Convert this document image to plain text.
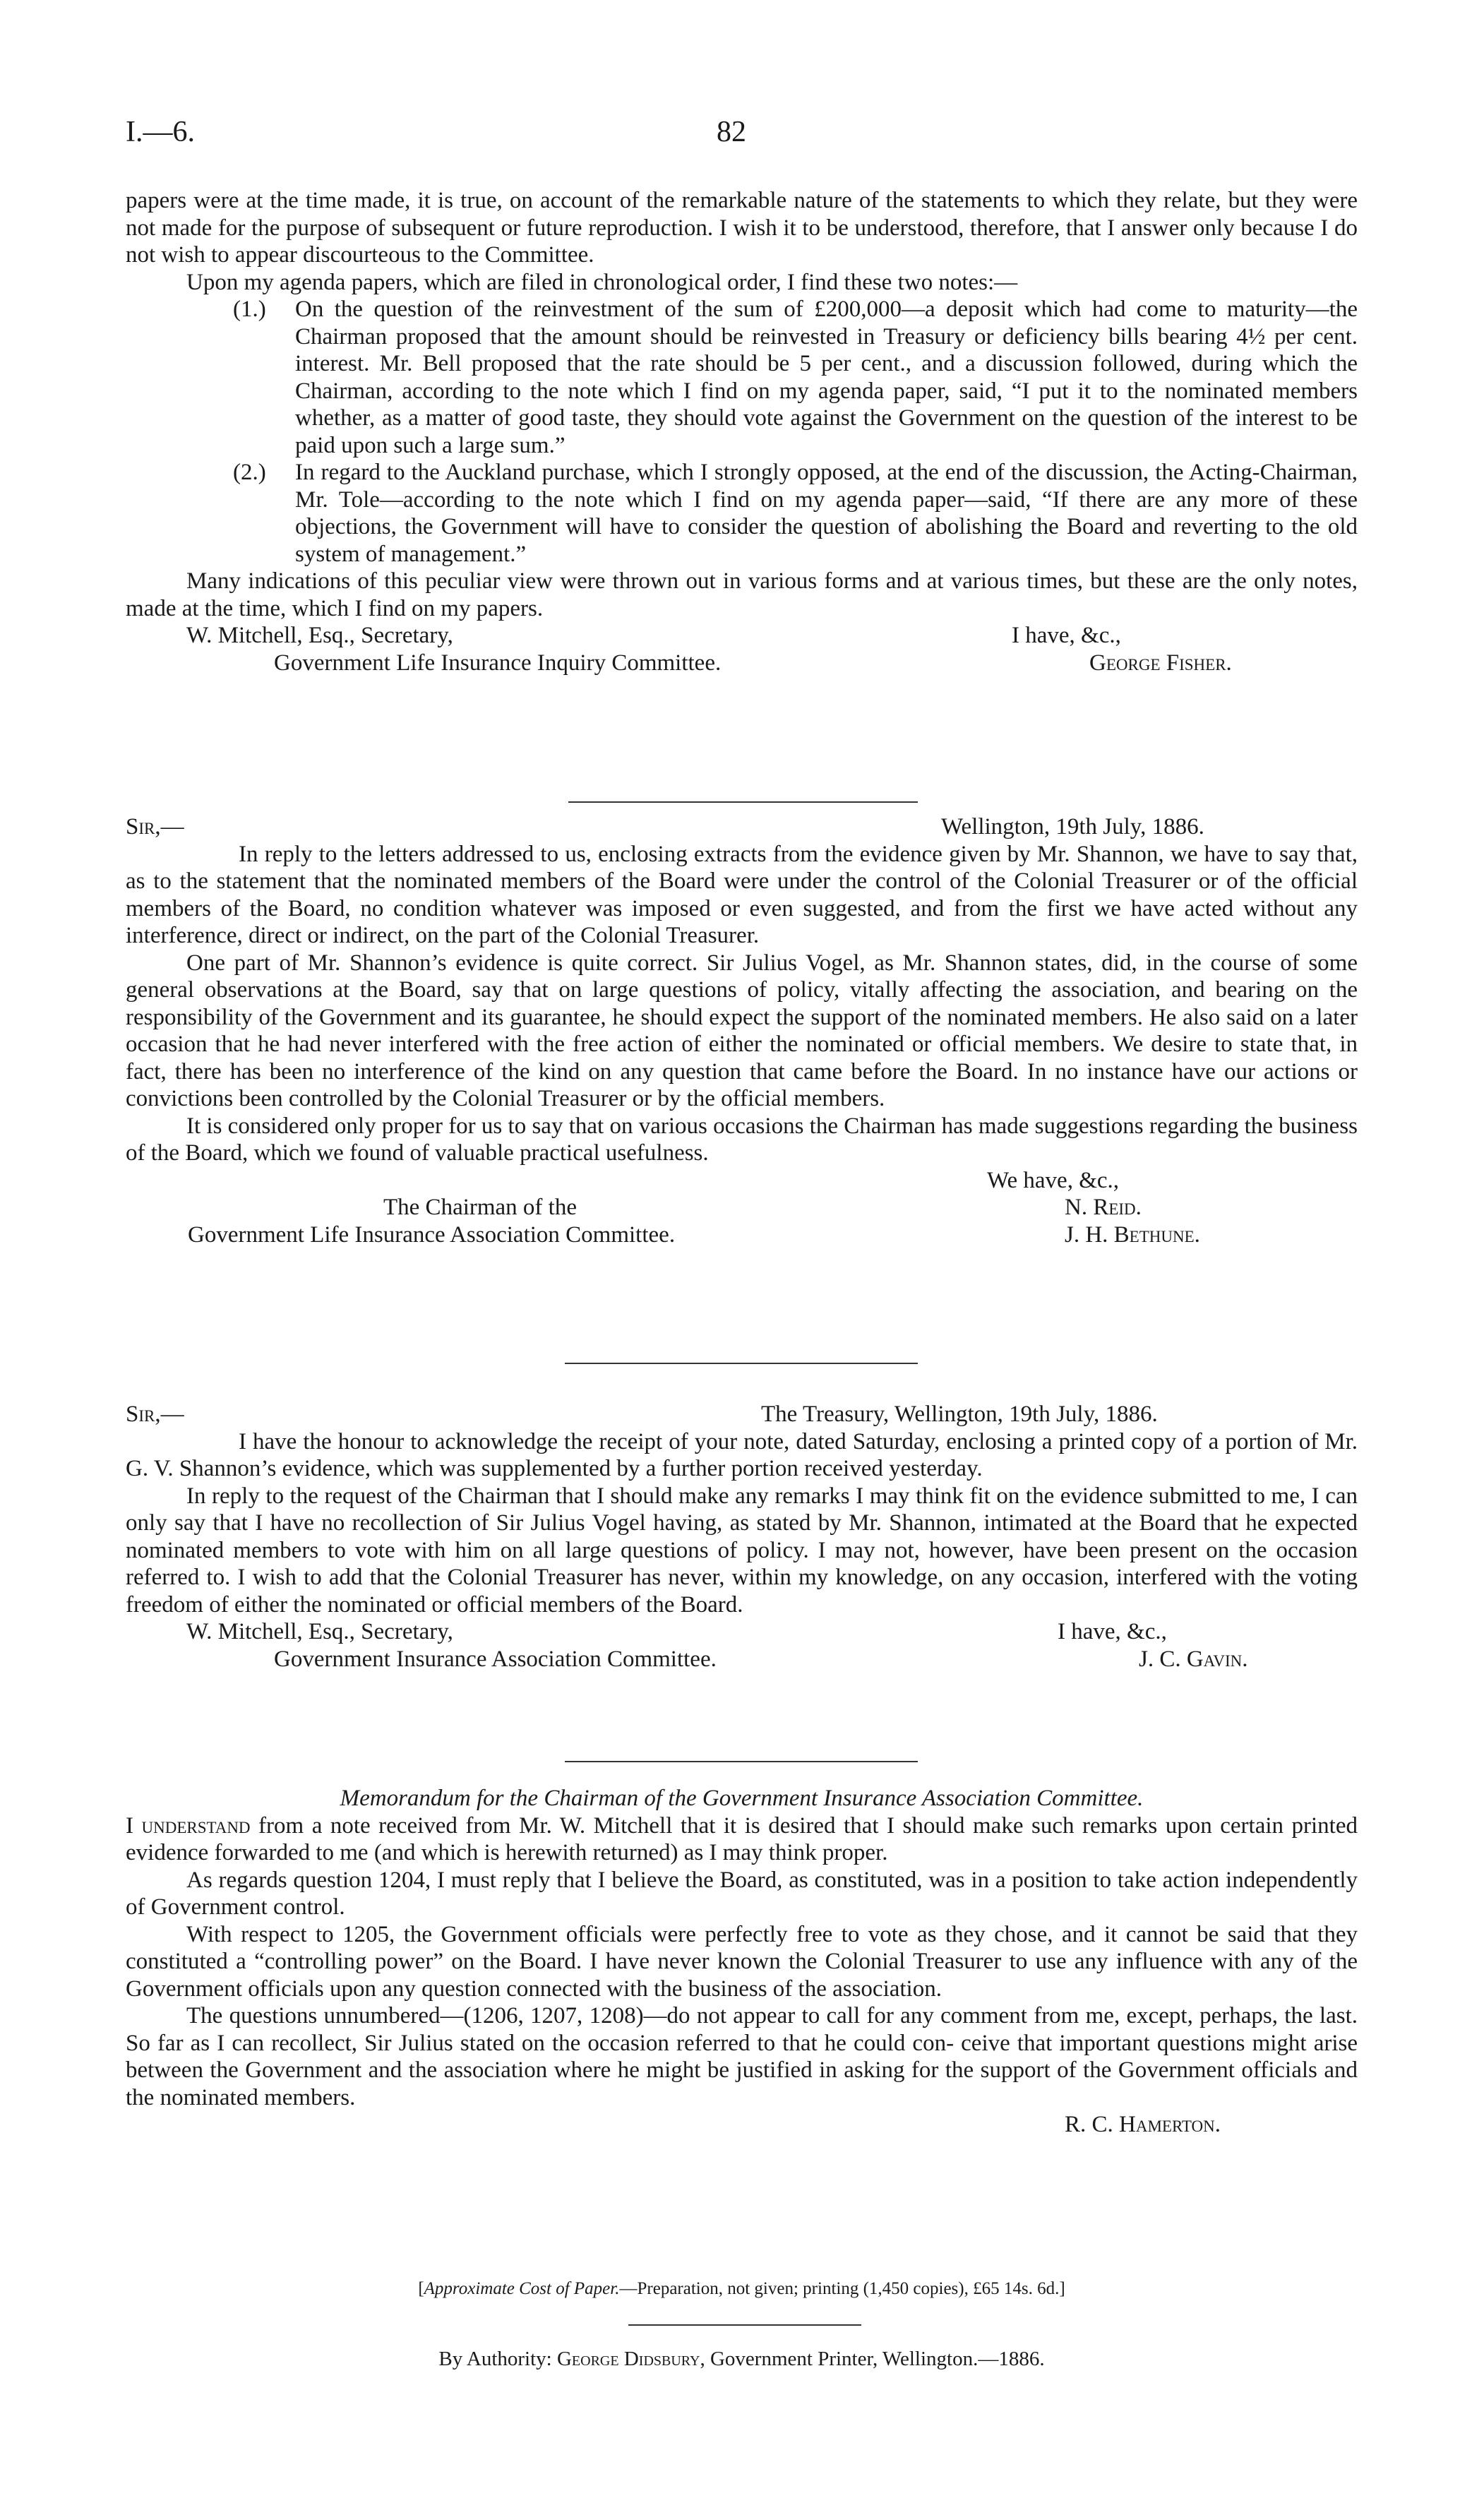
I.—6.	82

papers were at the time made, it is true, on account of the remarkable nature of the statements to which they relate, but they were not made for the purpose of subsequent or future reproduction. I wish it to be understood, therefore, that I answer only because I do not wish to appear discourteous to the Committee.

Upon my agenda papers, which are filed in chronological order, I find these two notes:—

(1.) On the question of the reinvestment of the sum of £200,000—a deposit which had come to maturity—the Chairman proposed that the amount should be reinvested in Treasury or deficiency bills bearing 4½ per cent. interest. Mr. Bell proposed that the rate should be 5 per cent., and a discussion followed, during which the Chairman, according to the note which I find on my agenda paper, said, “I put it to the nominated members whether, as a matter of good taste, they should vote against the Government on the question of the interest to be paid upon such a large sum.”
(2.) In regard to the Auckland purchase, which I strongly opposed, at the end of the discussion, the Acting-Chairman, Mr. Tole—according to the note which I find on my agenda paper—said, “If there are any more of these objections, the Government will have to consider the question of abolishing the Board and reverting to the old system of management.”

Many indications of this peculiar view were thrown out in various forms and at various times, but these are the only notes, made at the time, which I find on my papers.

W. Mitchell, Esq., Secretary,	I have, &c.,
Government Life Insurance Inquiry Committee.	George Fisher.
Sir,—	Wellington, 19th July, 1886.

In reply to the letters addressed to us, enclosing extracts from the evidence given by Mr. Shannon, we have to say that, as to the statement that the nominated members of the Board were under the control of the Colonial Treasurer or of the official members of the Board, no condition whatever was imposed or even suggested, and from the first we have acted without any interference, direct or indirect, on the part of the Colonial Treasurer.

One part of Mr. Shannon’s evidence is quite correct. Sir Julius Vogel, as Mr. Shannon states, did, in the course of some general observations at the Board, say that on large questions of policy, vitally affecting the association, and bearing on the responsibility of the Government and its guarantee, he should expect the support of the nominated members. He also said on a later occasion that he had never interfered with the free action of either the nominated or official members. We desire to state that, in fact, there has been no interference of the kind on any question that came before the Board. In no instance have our actions or convictions been controlled by the Colonial Treasurer or by the official members.

It is considered only proper for us to say that on various occasions the Chairman has made suggestions regarding the business of the Board, which we found of valuable practical usefulness.

We have, &c.,
The Chairman of the	N. Reid.
Government Life Insurance Association Committee.	J. H. Bethune.
Sir,—	The Treasury, Wellington, 19th July, 1886.

I have the honour to acknowledge the receipt of your note, dated Saturday, enclosing a printed copy of a portion of Mr. G. V. Shannon’s evidence, which was supplemented by a further portion received yesterday.

In reply to the request of the Chairman that I should make any remarks I may think fit on the evidence submitted to me, I can only say that I have no recollection of Sir Julius Vogel having, as stated by Mr. Shannon, intimated at the Board that he expected nominated members to vote with him on all large questions of policy. I may not, however, have been present on the occasion referred to. I wish to add that the Colonial Treasurer has never, within my knowledge, on any occasion, interfered with the voting freedom of either the nominated or official members of the Board.

W. Mitchell, Esq., Secretary,	I have, &c.,
Government Insurance Association Committee.	J. C. Gavin.

Memorandum for the Chairman of the Government Insurance Association Committee.

I understand from a note received from Mr. W. Mitchell that it is desired that I should make such remarks upon certain printed evidence forwarded to me (and which is herewith returned) as I may think proper.

As regards question 1204, I must reply that I believe the Board, as constituted, was in a position to take action independently of Government control.

With respect to 1205, the Government officials were perfectly free to vote as they chose, and it cannot be said that they constituted a “controlling power” on the Board. I have never known the Colonial Treasurer to use any influence with any of the Government officials upon any question connected with the business of the association.

The questions unnumbered—(1206, 1207, 1208)—do not appear to call for any comment from me, except, perhaps, the last. So far as I can recollect, Sir Julius stated on the occasion referred to that he could con- ceive that important questions might arise between the Government and the association where he might be justified in asking for the support of the Government officials and the nominated members.

R. C. Hamerton.
[Approximate Cost of Paper.—Preparation, not given; printing (1,450 copies), £65 14s. 6d.]
By Authority: George Didsbury, Government Printer, Wellington.—1886.
